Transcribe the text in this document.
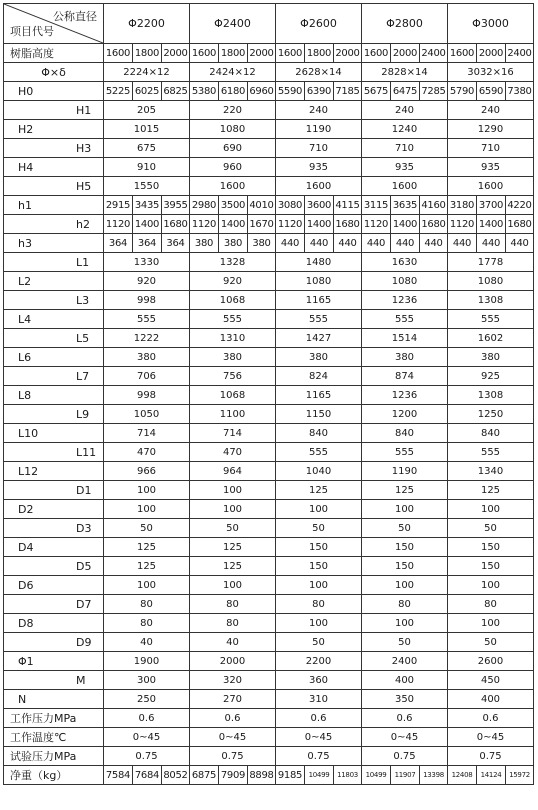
公称直径
项目代号	Φ2200			Φ2400			Φ2600			Φ2800			Φ3000		
树脂高度	1600	1800	2000	1600	1800	2000	1600	1800	2000	1600	2000	2400	1600	2000	2400
Φ×δ	2224×12			2424×12			2628×14			2828×14			3032×16		
H0	5225	6025	6825	5380	6180	6960	5590	6390	7185	5675	6475	7285	5790	6590	7380
H1	205			220			240			240			240		
H2	1015			1080			1190			1240			1290		
H3	675			690			710			710			710		
H4	910			960			935			935			935		
H5	1550			1600			1600			1600			1600		
h1	2915	3435	3955	2980	3500	4010	3080	3600	4115	3115	3635	4160	3180	3700	4220
h2	1120	1400	1680	1120	1400	1670	1120	1400	1680	1120	1400	1680	1120	1400	1680
h3	364	364	364	380	380	380	440	440	440	440	440	440	440	440	440
L1	1330			1328			1480			1630			1778		
L2	920			920			1080			1080			1080		
L3	998			1068			1165			1236			1308		
L4	555			555			555			555			555		
L5	1222			1310			1427			1514			1602		
L6	380			380			380			380			380		
L7	706			756			824			874			925		
L8	998			1068			1165			1236			1308		
L9	1050			1100			1150			1200			1250		
L10	714			714			840			840			840		
L11	470			470			555			555			555		
L12	966			964			1040			1190			1340		
D1	100			100			125			125			125		
D2	100			100			100			100			100		
D3	50			50			50			50			50		
D4	125			125			150			150			150		
D5	125			125			150			150			150		
D6	100			100			100			100			100		
D7	80			80			80			80			80		
D8	80			80			100			100			100		
D9	40			40			50			50			50		
Φ1	1900			2000			2200			2400			2600		
M	300			320			360			400			450		
N	250			270			310			350			400		
工作压力MPa	0.6			0.6			0.6			0.6			0.6		
工作温度℃	0~45			0~45			0~45			0~45			0~45		
试验压力MPa	0.75			0.75			0.75			0.75			0.75		
净重（kg）	7584	7684	8052	6875	7909	8898	9185	10499	11803	10499	11907	13398	12408	14124	15972
